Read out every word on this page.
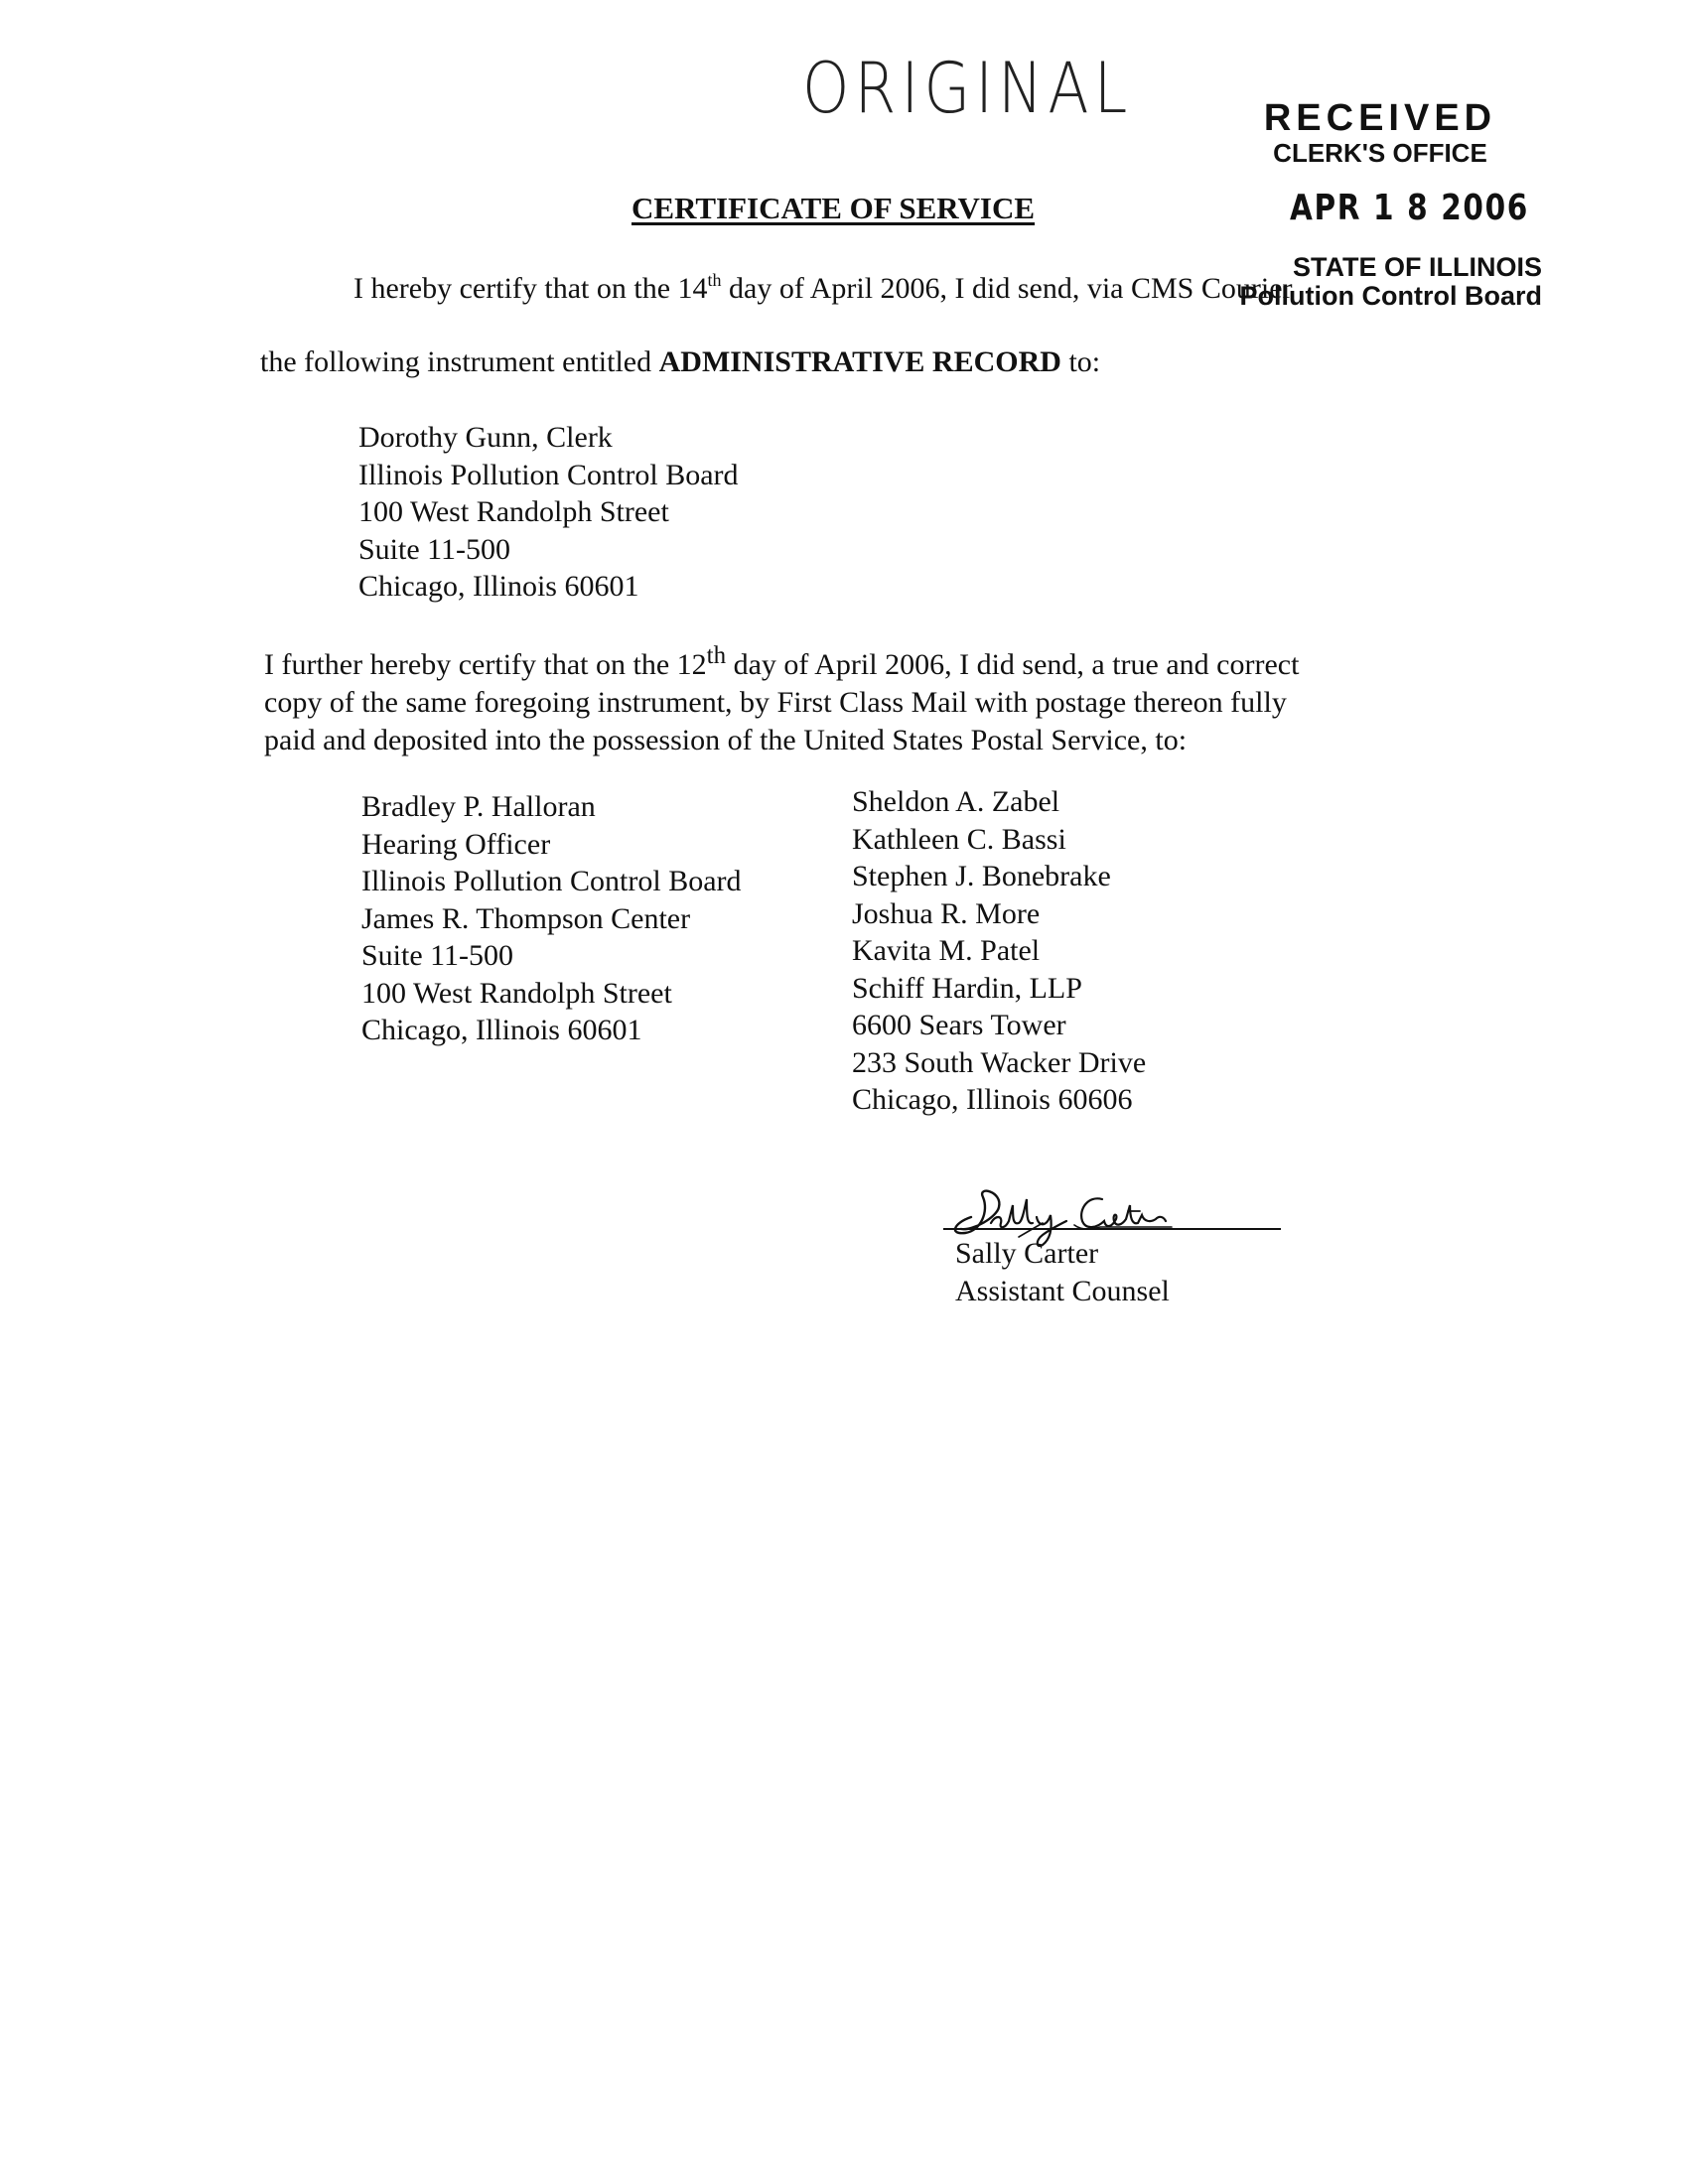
ORIGINAL	RECEIVED
CLERK'S OFFICE
APR 1 8 2006
STATE OF ILLINOIS
Pollution Control Board
CERTIFICATE OF SERVICE
I hereby certify that on the 14th day of April 2006, I did send, via CMS Courier
the following instrument entitled ADMINISTRATIVE RECORD to:
Dorothy Gunn, Clerk
Illinois Pollution Control Board
100 West Randolph Street
Suite 11-500
Chicago, Illinois 60601
I further hereby certify that on the 12th day of April 2006, I did send, a true and correct
copy of the same foregoing instrument, by First Class Mail with postage thereon fully
paid and deposited into the possession of the United States Postal Service, to:
Bradley P. Halloran
Hearing Officer
Illinois Pollution Control Board
James R. Thompson Center
Suite 11-500
100 West Randolph Street
Chicago, Illinois 60601
Sheldon A. Zabel
Kathleen C. Bassi
Stephen J. Bonebrake
Joshua R. More
Kavita M. Patel
Schiff Hardin, LLP
6600 Sears Tower
233 South Wacker Drive
Chicago, Illinois 60606
Sally Carter
Assistant Counsel
